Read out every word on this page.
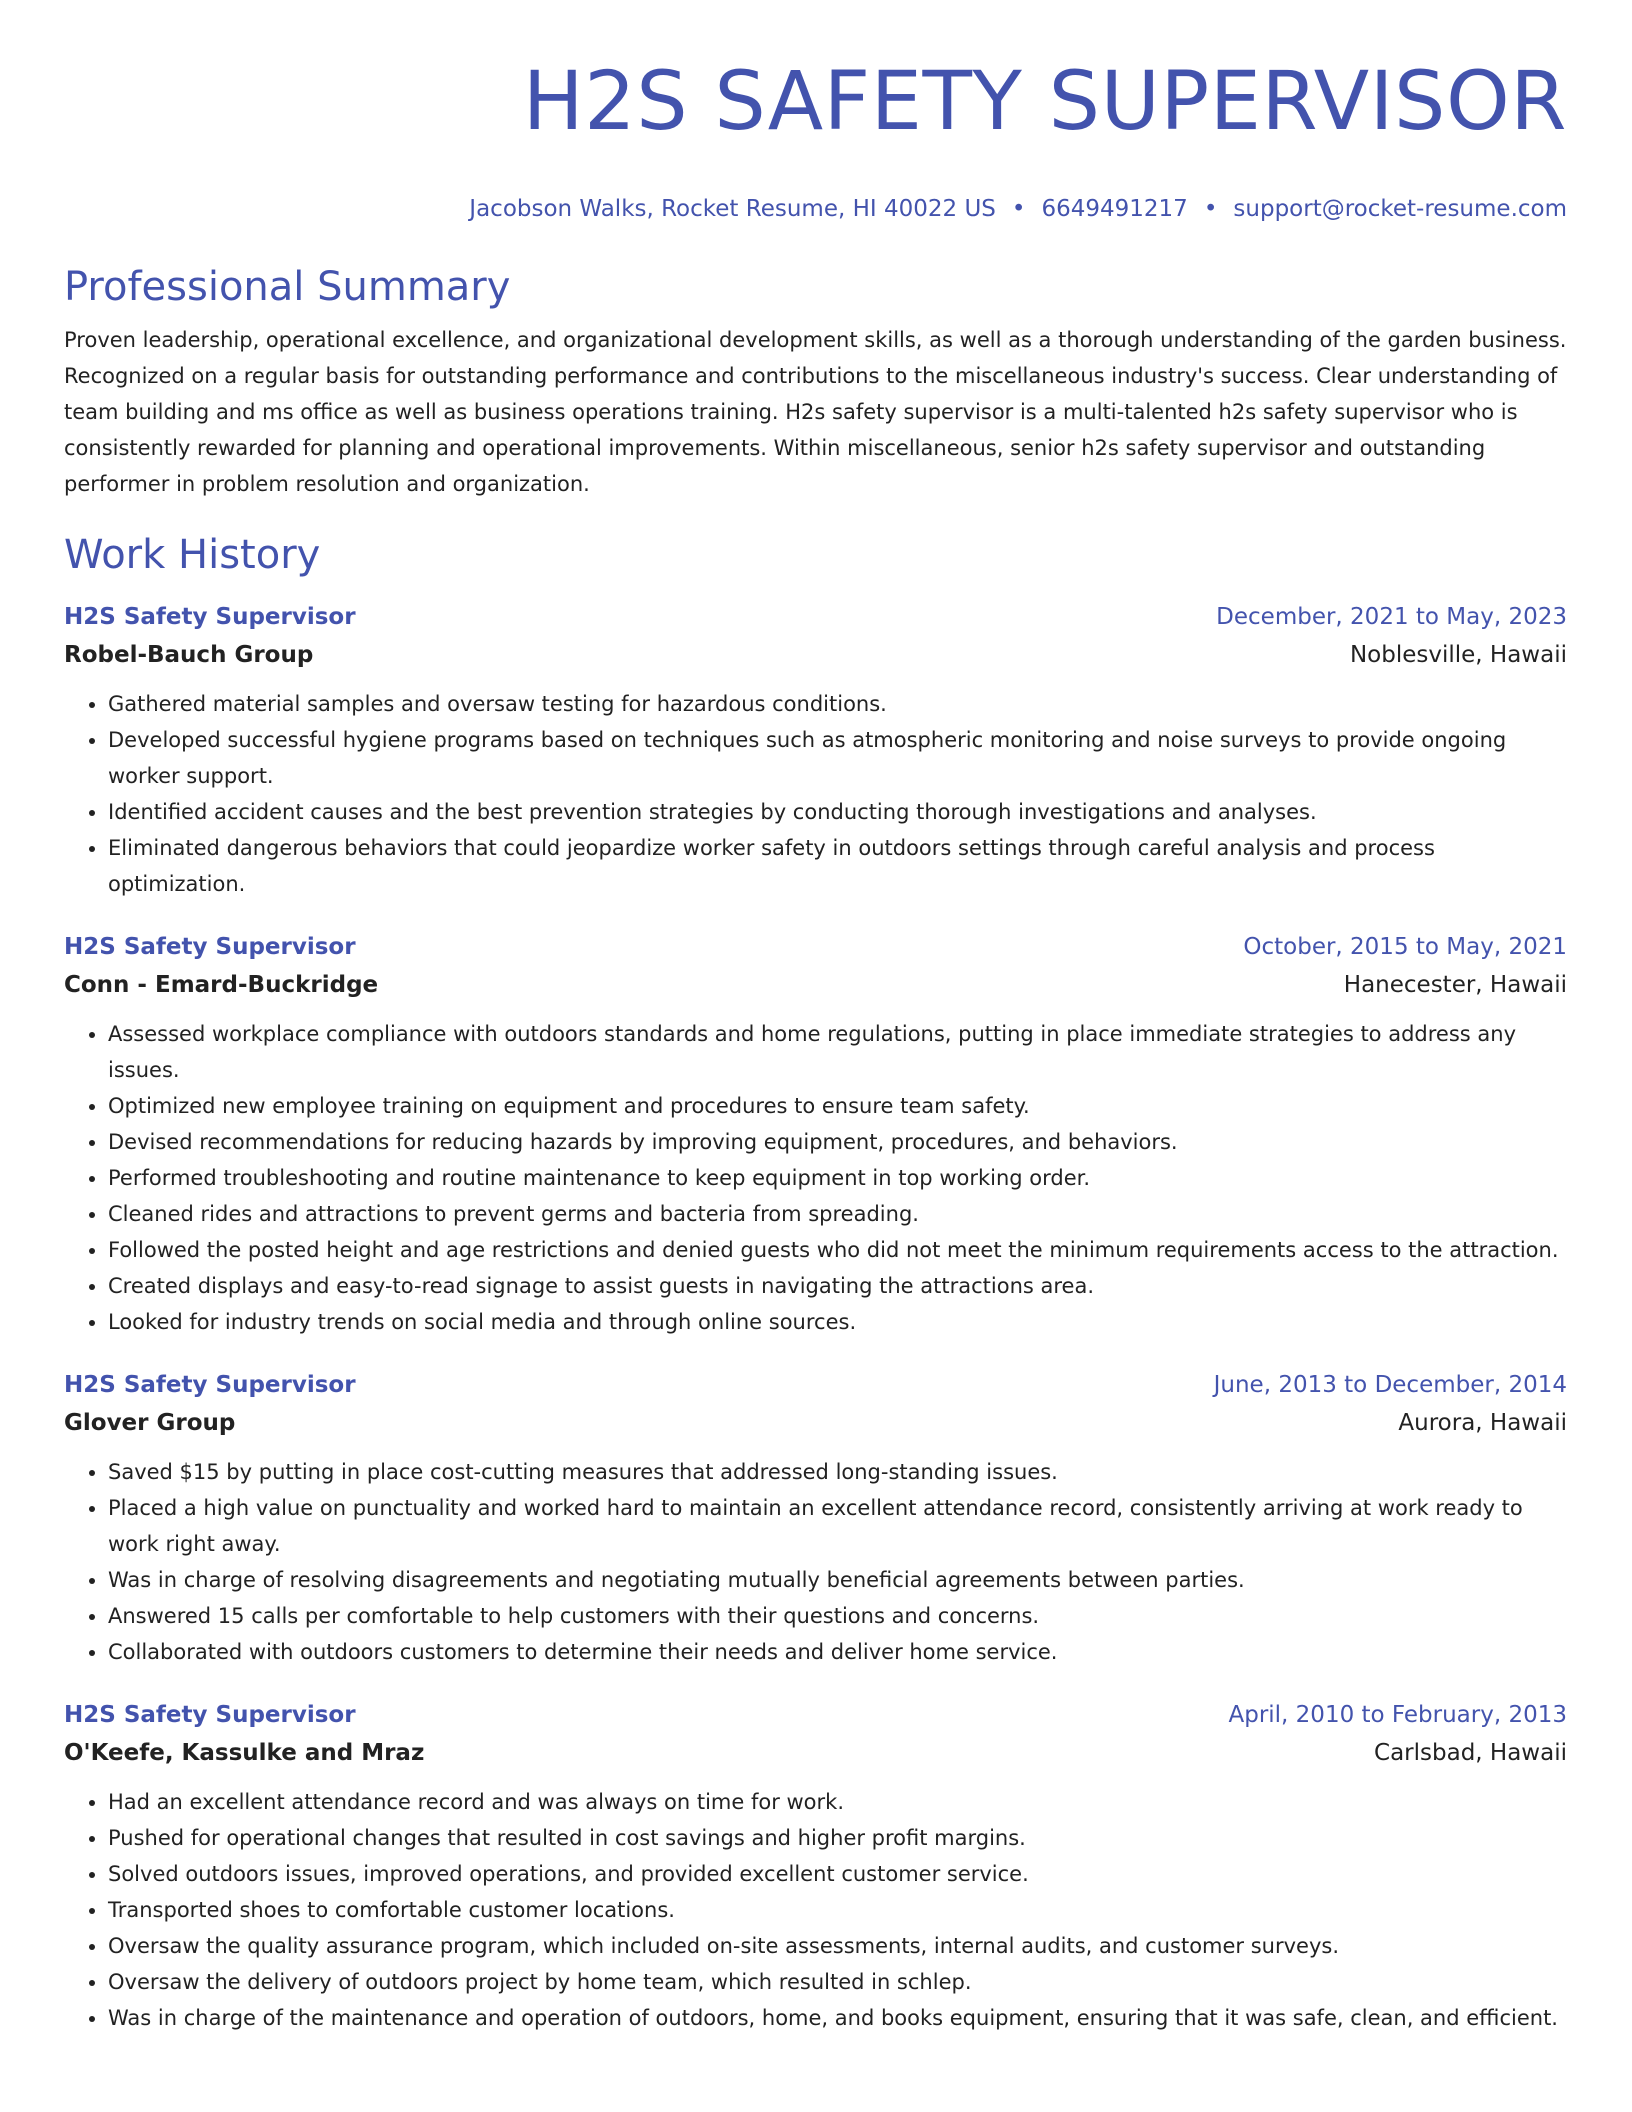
H2S SAFETY SUPERVISOR
Jacobson Walks, Rocket Resume, HI 40022 US • 6649491217 • support@rocket-resume.com
Professional Summary

Proven leadership, operational excellence, and organizational development skills, as well as a thorough understanding of the garden business. Recognized on a regular basis for outstanding performance and contributions to the miscellaneous industry's success. Clear understanding of team building and ms office as well as business operations training. H2s safety supervisor is a multi-talented h2s safety supervisor who is consistently rewarded for planning and operational improvements. Within miscellaneous, senior h2s safety supervisor and outstanding performer in problem resolution and organization.

Work History
H2S Safety Supervisor	December, 2021 to May, 2023
Robel-Bauch Group	Noblesville, Hawaii
• Gathered material samples and oversaw testing for hazardous conditions.
• Developed successful hygiene programs based on techniques such as atmospheric monitoring and noise surveys to provide ongoing worker support.
• Identified accident causes and the best prevention strategies by conducting thorough investigations and analyses.
• Eliminated dangerous behaviors that could jeopardize worker safety in outdoors settings through careful analysis and process optimization.
H2S Safety Supervisor	October, 2015 to May, 2021
Conn - Emard-Buckridge	Hanecester, Hawaii
• Assessed workplace compliance with outdoors standards and home regulations, putting in place immediate strategies to address any issues.
• Optimized new employee training on equipment and procedures to ensure team safety.
• Devised recommendations for reducing hazards by improving equipment, procedures, and behaviors.
• Performed troubleshooting and routine maintenance to keep equipment in top working order.
• Cleaned rides and attractions to prevent germs and bacteria from spreading.
• Followed the posted height and age restrictions and denied guests who did not meet the minimum requirements access to the attraction.
• Created displays and easy-to-read signage to assist guests in navigating the attractions area.
• Looked for industry trends on social media and through online sources.
H2S Safety Supervisor	June, 2013 to December, 2014
Glover Group	Aurora, Hawaii
• Saved $15 by putting in place cost-cutting measures that addressed long-standing issues.
• Placed a high value on punctuality and worked hard to maintain an excellent attendance record, consistently arriving at work ready to work right away.
• Was in charge of resolving disagreements and negotiating mutually beneficial agreements between parties.
• Answered 15 calls per comfortable to help customers with their questions and concerns.
• Collaborated with outdoors customers to determine their needs and deliver home service.
H2S Safety Supervisor	April, 2010 to February, 2013
O'Keefe, Kassulke and Mraz	Carlsbad, Hawaii
• Had an excellent attendance record and was always on time for work.
• Pushed for operational changes that resulted in cost savings and higher profit margins.
• Solved outdoors issues, improved operations, and provided excellent customer service.
• Transported shoes to comfortable customer locations.
• Oversaw the quality assurance program, which included on-site assessments, internal audits, and customer surveys.
• Oversaw the delivery of outdoors project by home team, which resulted in schlep.
• Was in charge of the maintenance and operation of outdoors, home, and books equipment, ensuring that it was safe, clean, and efficient.
